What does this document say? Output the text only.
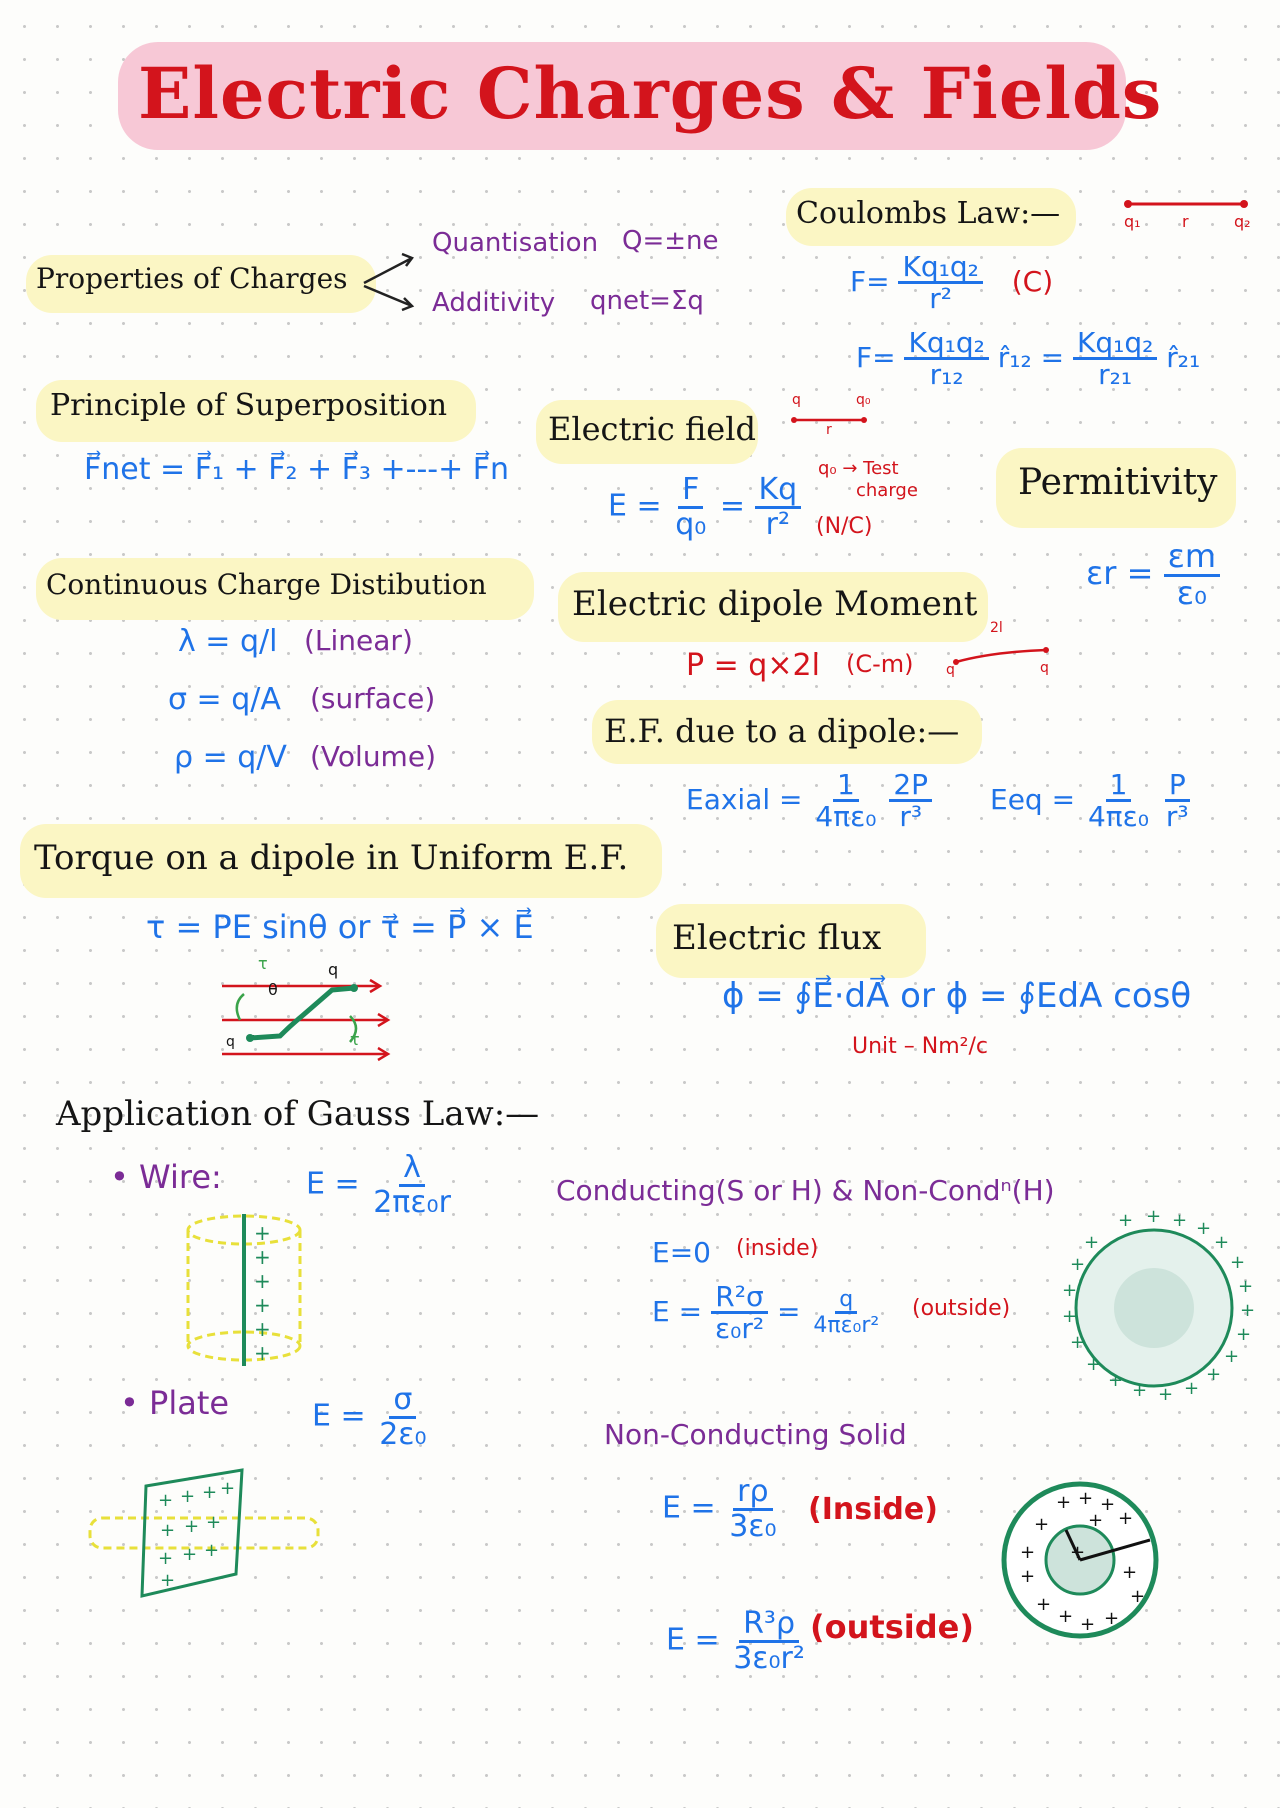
Electric Charges & Fields
Properties of Charges
Quantisation Q=±ne
Additivity qnet=Σq
Coulombs Law:—	q₁	r	q₂
$F= \frac{\text{Kq₁q₂}}{\text{r²}} (C)$
$F= \frac{\text{Kq₁q₂}}{\text{r₁₂}}$ r̂₁₂ = $\frac{\text{Kq₁q₂}}{\text{r₂₁}}$ r̂₂₁
Principle of Superposition
F⃗net = F⃗₁ + F⃗₂ + F⃗₃ +---+ F⃗n
Electric field
q	q₀
r
$E = \frac{F}{\text{q₀}} = \frac{Kq}{\text{r²}} (N/C)$
q₀ → Test
charge	Permitivity
$\varepsilon r = \frac{\varepsilon m}{\text{ε₀}}$
Continuous Charge Distibution
λ = q/l (Linear)
σ = q/A (surface)
ρ = q/V (Volume)
Electric dipole Moment
P = q×2l (C-m) q
2l
q
E.F. due to a dipole:—
Eaxial = $\frac{1}{\text{4πε₀}}$
$\frac{2P}{\text{r³}}$ Eeq = $\frac{1}{\text{4πε₀}}$
$\frac{P}{\text{r³}}$
Torque on a dipole in Uniform E.F.
τ = PE sinθ or τ⃗ = P⃗ × E⃗
τ
θ
q
q	τ
Electric flux
ϕ = ∮E⃗·dA⃗ or ϕ = ∮EdA cosθ
Unit – Nm²/c
Application of Gauss Law:—
• Wire:	$E = \frac{\lambda}{\text{2πε₀r}}$
+
+
+
+
+
+
• Plate	$E = \frac{\sigma}{\text{2ε₀}}$
+ + + +
+ + +
+ + +
+
Conducting(S or H) & Non-Condⁿ(H)
E=0 (inside)
$E = \frac{\text{R²σ}}{\text{ε₀r²}} = \frac{q}{\text{4πε₀r²}}$ (outside)
+ + +
+
+
+
+
+
+
+
+
+
+
+
+
+
+
+
+
+
+
Non-Conducting Solid
$E = \frac{r\rho}{\text{3ε₀}}$ (Inside)
$E = \frac{\text{R³ρ}}{\text{3ε₀r²}}$ (outside)
+ + +
+
+ +
+
+	+
+
+
+ + +
+
